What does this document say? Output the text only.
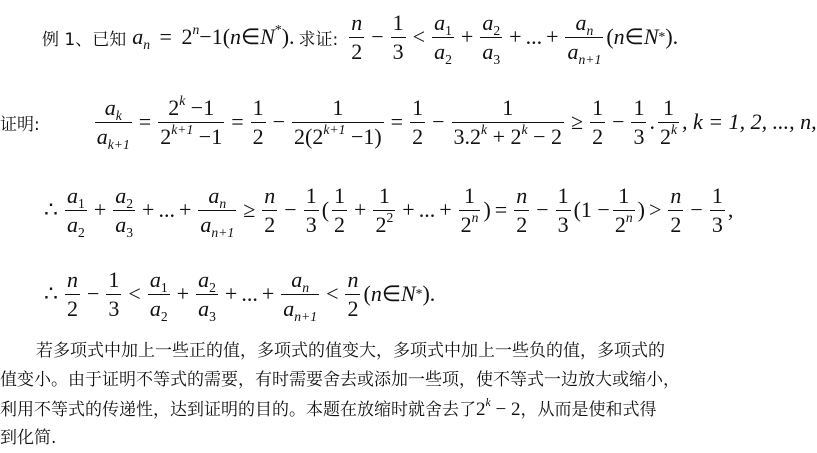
例 1、已知 $a_n$ = $2^n-1(n\in N^*)$. 求证: $\frac{n}{2} - \frac{1}{3} < \frac{a_1}{a_2} + \frac{a_2}{a_3}$ + ... + $\frac{a_n}{a_{n+1}}$ ( n ∈ N * ).
证明:	$\frac{a_k}{a_{k+1}} = \frac{2^k -1}{2^{k+1} -1} = \frac{1}{2} - \frac{1}{2(2^{k+1} -1)} = \frac{1}{2} - \frac{1}{3.2^k + 2^k - 2} \ge \frac{1}{2} - \frac{1}{3}$ . $\frac{1}{2^k}$ , k = 1, 2, ..., n,
∴ $\frac{a_1}{a_2} + \frac{a_2}{a_3}$ + ... + $\frac{a_n}{a_{n+1}} \ge \frac{n}{2} - \frac{1}{3}$ ( $\frac{1}{2} + \frac{1}{2^2}$ + ... + $\frac{1}{2^n}$ ) = $\frac{n}{2} - \frac{1}{3} (1 - \frac{1}{2^n}$ ) > $\frac{n}{2} - \frac{1}{3}$ ,
∴ $\frac{n}{2} - \frac{1}{3} < \frac{a_1}{a_2} + \frac{a_2}{a_3}$ + ... + $\frac{a_n}{a_{n+1}} < \frac{n}{2}$ ( n ∈ N * ).
若多项式中加上一些正的值，多项式的值变大，多项式中加上一些负的值，多项式的
值变小。由于证明不等式的需要，有时需要舍去或添加一些项，使不等式一边放大或缩小，
利用不等式的传递性，达到证明的目的。本题在放缩时就舍去了$2^k - 2$，从而是使和式得
到化简.
